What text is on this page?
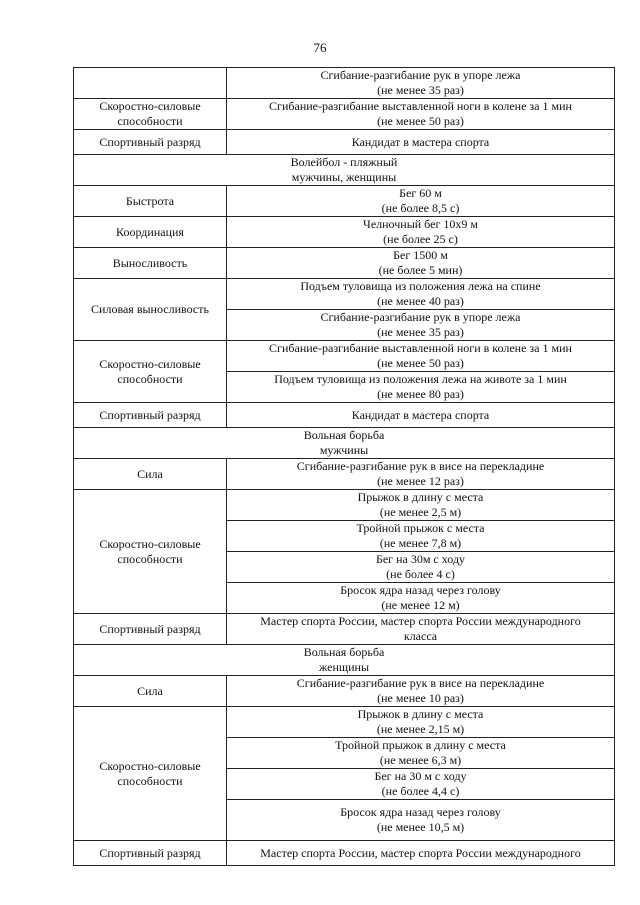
76

	Сгибание-разгибание рук в упоре лежа
(не менее 35 раз)

Скоростно-силовые способности	Сгибание-разгибание выставленной ноги в колене за 1 мин
(не менее 50 раз)

Спортивный разряд	Кандидат в мастера спорта

Волейбол - пляжный
мужчины, женщины	

Быстрота	Бег 60 м
(не более 8,5 с)

Координация	Челночный бег 10х9 м
(не более 25 с)

Выносливость	Бег 1500 м
(не более 5 мин)

Силовая выносливость	Подъем туловища из положения лежа на спине
(не менее 40 раз)

	Сгибание-разгибание рук в упоре лежа
(не менее 35 раз)

Скоростно-силовые способности	Сгибание-разгибание выставленной ноги в колене за 1 мин
(не менее 50 раз)

	Подъем туловища из положения лежа на животе за 1 мин
(не менее 80 раз)

Спортивный разряд	Кандидат в мастера спорта

Вольная борьба
мужчины	

Сила	Сгибание-разгибание рук в висе на перекладине
(не менее 12 раз)

Скоростно-силовые способности	Прыжок в длину с места
(не менее 2,5 м)

	Тройной прыжок с места
(не менее 7,8 м)

	Бег на 30м с ходу
(не более 4 с)

	Бросок ядра назад через голову
(не менее 12 м)

Спортивный разряд	Мастер спорта России, мастер спорта России международного
класса

Вольная борьба
женщины	

Сила	Сгибание-разгибание рук в висе на перекладине
(не менее 10 раз)

Скоростно-силовые способности	Прыжок в длину с места
(не менее 2,15 м)

	Тройной прыжок в длину с места
(не менее 6,3 м)

	Бег на 30 м с ходу
(не более 4,4 с)

	Бросок ядра назад через голову
(не менее 10,5 м)

Спортивный разряд	Мастер спорта России, мастер спорта России международного
